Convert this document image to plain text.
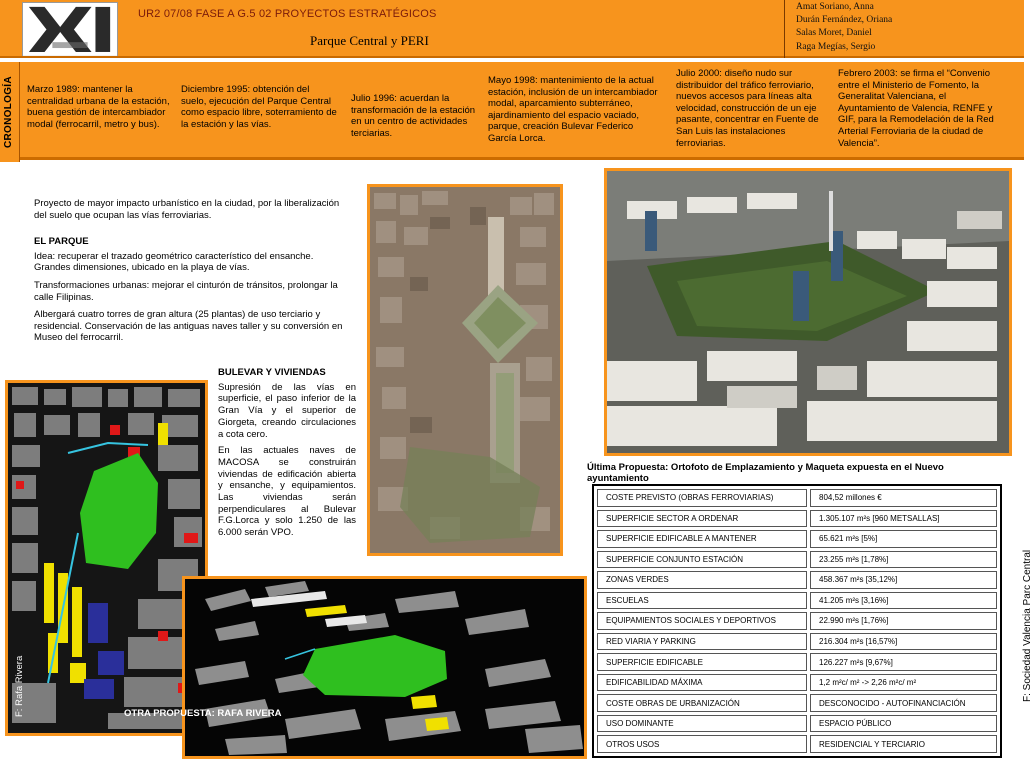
UR2 07/08 FASE A G.5 02 PROYECTOS ESTRATÉGICOS
Parque Central y PERI
Amat Soriano, Anna
Durán Fernández, Oriana
Salas Moret, Daniel
Raga Megías, Sergio
CRONOLOGÍA Marzo 1989: mantener la centralidad urbana de la estación, buena gestión de intercambiador modal (ferrocarril, metro y bus).
Diciembre 1995: obtención del suelo, ejecución del Parque Central como espacio libre, soterramiento de la estación y las vías.
Julio 1996: acuerdan la transformación de la estación en un centro de actividades terciarias.
Mayo 1998: mantenimiento de la actual estación, inclusión de un intercambiador modal, aparcamiento subterráneo, ajardinamiento del espacio vaciado, parque, creación Bulevar Federico García Lorca.
Julio 2000: diseño nudo sur distribuidor del tráfico ferroviario, nuevos accesos para líneas alta velocidad, construcción de un eje pasante, concentrar en Fuente de San Luis las instalaciones ferroviarias.
Febrero 2003: se firma el “Convenio entre el Ministerio de Fomento, la Generalitat Valenciana, el Ayuntamiento de Valencia, RENFE y GIF, para la Remodelación de la Red Arterial Ferroviaria de la ciudad de Valencia”.

Proyecto de mayor impacto urbanístico en la ciudad, por la liberalización del suelo que ocupan las vías ferroviarias.

EL PARQUE

Idea: recuperar el trazado geométrico característico del ensanche. Grandes dimensiones, ubicado en la playa de vías.

Transformaciones urbanas: mejorar el cinturón de tránsitos, prolongar la calle Filipinas.

Albergará cuatro torres de gran altura (25 plantas) de uso terciario y residencial. Conservación de las antiguas naves taller y su conversión en Museo del ferrocarril.

BULEVAR Y VIVIENDAS

Supresión de las vías en superficie, el paso inferior de la Gran Vía y el superior de Giorgeta, creando circulaciones a cota cero.

En las actuales naves de MACOSA se construirán viviendas de edificación abierta y ensanche, y equipamientos. Las viviendas serán perpendiculares al Bulevar F.G.Lorca y solo 1.250 de las 6.000 serán VPO.

F: Rafa Rivera	OTRA PROPUESTA: RAFA RIVERA
Última Propuesta: Ortofoto de Emplazamiento y Maqueta expuesta en el Nuevo ayuntamiento
COSTE PREVISTO (OBRAS FERROVIARIAS)	804,52 millones €
SUPERFICIE SECTOR A ORDENAR	1.305.107 m²s [960 METSALLAS]
SUPERFICIE EDIFICABLE A MANTENER	65.621 m²s [5%]
SUPERFICIE CONJUNTO ESTACIÓN	23.255 m²s [1,78%]
ZONAS VERDES	458.367 m²s [35,12%]
ESCUELAS	41.205 m²s [3,16%]
EQUIPAMIENTOS SOCIALES Y DEPORTIVOS	22.990 m²s [1,76%]
RED VIARIA Y PARKING	216.304 m²s [16,57%]
SUPERFICIE EDIFICABLE	126.227 m²s [9,67%]
EDIFICABILIDAD MÁXIMA	1,2 m²c/ m² -> 2,26 m²c/ m²
COSTE OBRAS DE URBANIZACIÓN	DESCONOCIDO - AUTOFINANCIACIÓN
USO DOMINANTE	ESPACIO PÚBLICO
OTROS USOS	RESIDENCIAL Y TERCIARIO
F: Sociedad Valencia Parc Central
